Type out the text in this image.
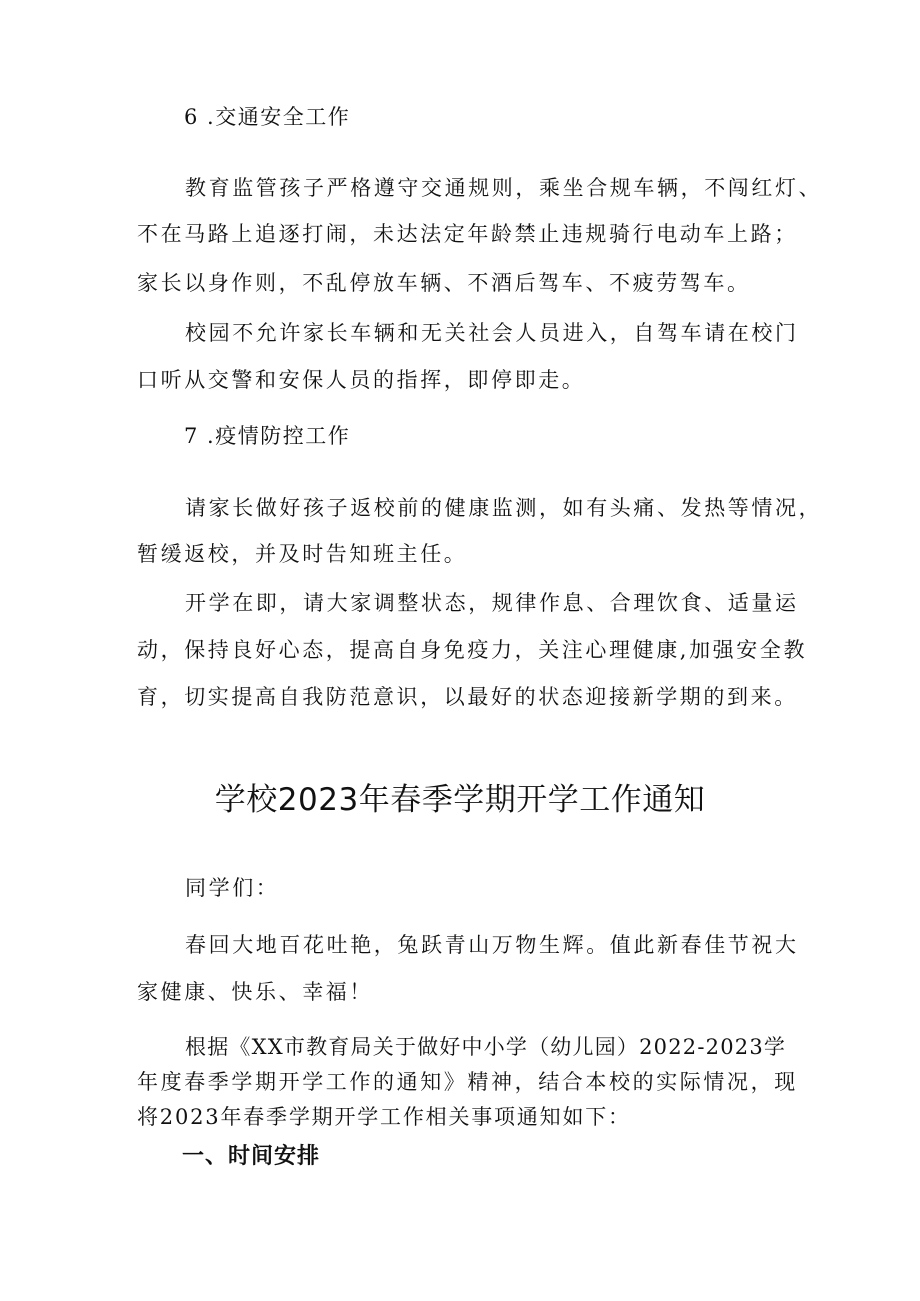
6 .交通安全工作
教育监管孩子严格遵守交通规则，乘坐合规车辆，不闯红灯、
不在马路上追逐打闹，未达法定年龄禁止违规骑行电动车上路；
家长以身作则，不乱停放车辆、不酒后驾车、不疲劳驾车。
校园不允许家长车辆和无关社会人员进入，自驾车请在校门
口听从交警和安保人员的指挥，即停即走。
7 .疫情防控工作
请家长做好孩子返校前的健康监测，如有头痛、发热等情况，
暂缓返校，并及时告知班主任。
开学在即，请大家调整状态，规律作息、合理饮食、适量运
动，保持良好心态，提高自身免疫力，关注心理健康,加强安全教
育，切实提高自我防范意识，以最好的状态迎接新学期的到来。
学校2023年春季学期开学工作通知
同学们：
春回大地百花吐艳，兔跃青山万物生辉。值此新春佳节祝大
家健康、快乐、幸福！
根据《XX市教育局关于做好中小学（幼儿园）2022-2023学
年度春季学期开学工作的通知》精神，结合本校的实际情况，现
将2023年春季学期开学工作相关事项通知如下：
一、时间安排
